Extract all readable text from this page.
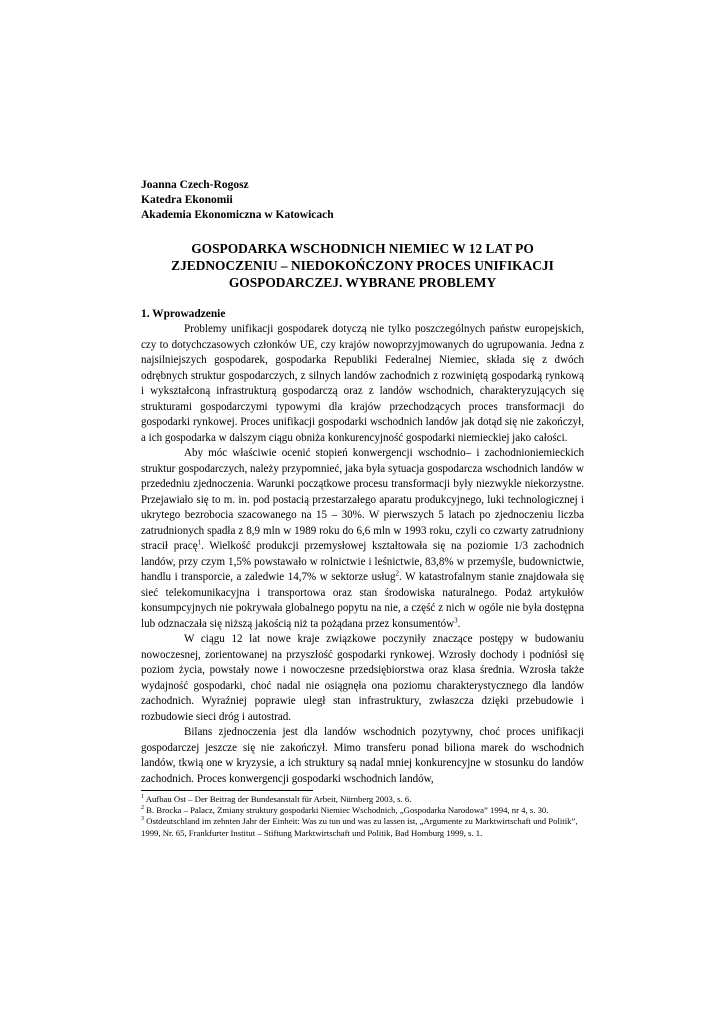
Joanna Czech-Rogosz
Katedra Ekonomii
Akademia Ekonomiczna w Katowicach
GOSPODARKA WSCHODNICH NIEMIEC W 12 LAT PO
ZJEDNOCZENIU – NIEDOKOŃCZONY PROCES UNIFIKACJI
GOSPODARCZEJ. WYBRANE PROBLEMY
1. Wprowadzenie

Problemy unifikacji gospodarek dotyczą nie tylko poszczególnych państw europejskich, czy to dotychczasowych członków UE, czy krajów nowoprzyjmowanych do ugrupowania. Jedna z najsilniejszych gospodarek, gospodarka Republiki Federalnej Niemiec, składa się z dwóch odrębnych struktur gospodarczych, z silnych landów zachodnich z rozwiniętą gospodarką rynkową i wykształconą infrastrukturą gospodarczą oraz z landów wschodnich, charakteryzujących się strukturami gospodarczymi typowymi dla krajów przechodzących proces transformacji do gospodarki rynkowej. Proces unifikacji gospodarki wschodnich landów jak dotąd się nie zakończył, a ich gospodarka w dalszym ciągu obniża konkurencyjność gospodarki niemieckiej jako całości.

Aby móc właściwie ocenić stopień konwergencji wschodnio– i zachodnioniemieckich struktur gospodarczych, należy przypomnieć, jaka była sytuacja gospodarcza wschodnich landów w przededniu zjednoczenia. Warunki początkowe procesu transformacji były niezwykle niekorzystne. Przejawiało się to m. in. pod postacią przestarzałego aparatu produkcyjnego, luki technologicznej i ukrytego bezrobocia szacowanego na 15 – 30%. W pierwszych 5 latach po zjednoczeniu liczba zatrudnionych spadła z 8,9 mln w 1989 roku do 6,6 mln w 1993 roku, czyli co czwarty zatrudniony stracił pracę$^1$. Wielkość produkcji przemysłowej kształtowała się na poziomie 1/3 zachodnich landów, przy czym 1,5% powstawało w rolnictwie i leśnictwie, 83,8% w przemyśle, budownictwie, handlu i transporcie, a zaledwie 14,7% w sektorze usług$^2$. W katastrofalnym stanie znajdowała się sieć telekomunikacyjna i transportowa oraz stan środowiska naturalnego. Podaż artykułów konsumpcyjnych nie pokrywała globalnego popytu na nie, a część z nich w ogóle nie była dostępna lub odznaczała się niższą jakością niż ta pożądana przez konsumentów$^3$.

W ciągu 12 lat nowe kraje związkowe poczyniły znaczące postępy w budowaniu nowoczesnej, zorientowanej na przyszłość gospodarki rynkowej. Wzrosły dochody i podniósł się poziom życia, powstały nowe i nowoczesne przedsiębiorstwa oraz klasa średnia. Wzrosła także wydajność gospodarki, choć nadal nie osiągnęła ona poziomu charakterystycznego dla landów zachodnich. Wyraźniej poprawie uległ stan infrastruktury, zwłaszcza dzięki przebudowie i rozbudowie sieci dróg i autostrad.

Bilans zjednoczenia jest dla landów wschodnich pozytywny, choć proces unifikacji gospodarczej jeszcze się nie zakończył. Mimo transferu ponad biliona marek do wschodnich landów, tkwią one w kryzysie, a ich struktury są nadal mniej konkurencyjne w stosunku do landów zachodnich. Proces konwergencji gospodarki wschodnich landów,

$^1$ Aufbau Ost – Der Beitrag der Bundesanstalt für Arbeit, Nürnberg 2003, s. 6.
$^2$ B. Brocka – Palacz, Zmiany struktury gospodarki Niemiec Wschodnich, „Gospodarka Narodowa” 1994, nr 4, s. 30.
$^3$ Ostdeutschland im zehnten Jahr der Einheit: Was zu tun und was zu lassen ist, „Argumente zu Marktwirtschaft und Politik”, 1999, Nr. 65, Frankfurter Institut – Stiftung Marktwirtschaft und Politik, Bad Homburg 1999, s. 1.
